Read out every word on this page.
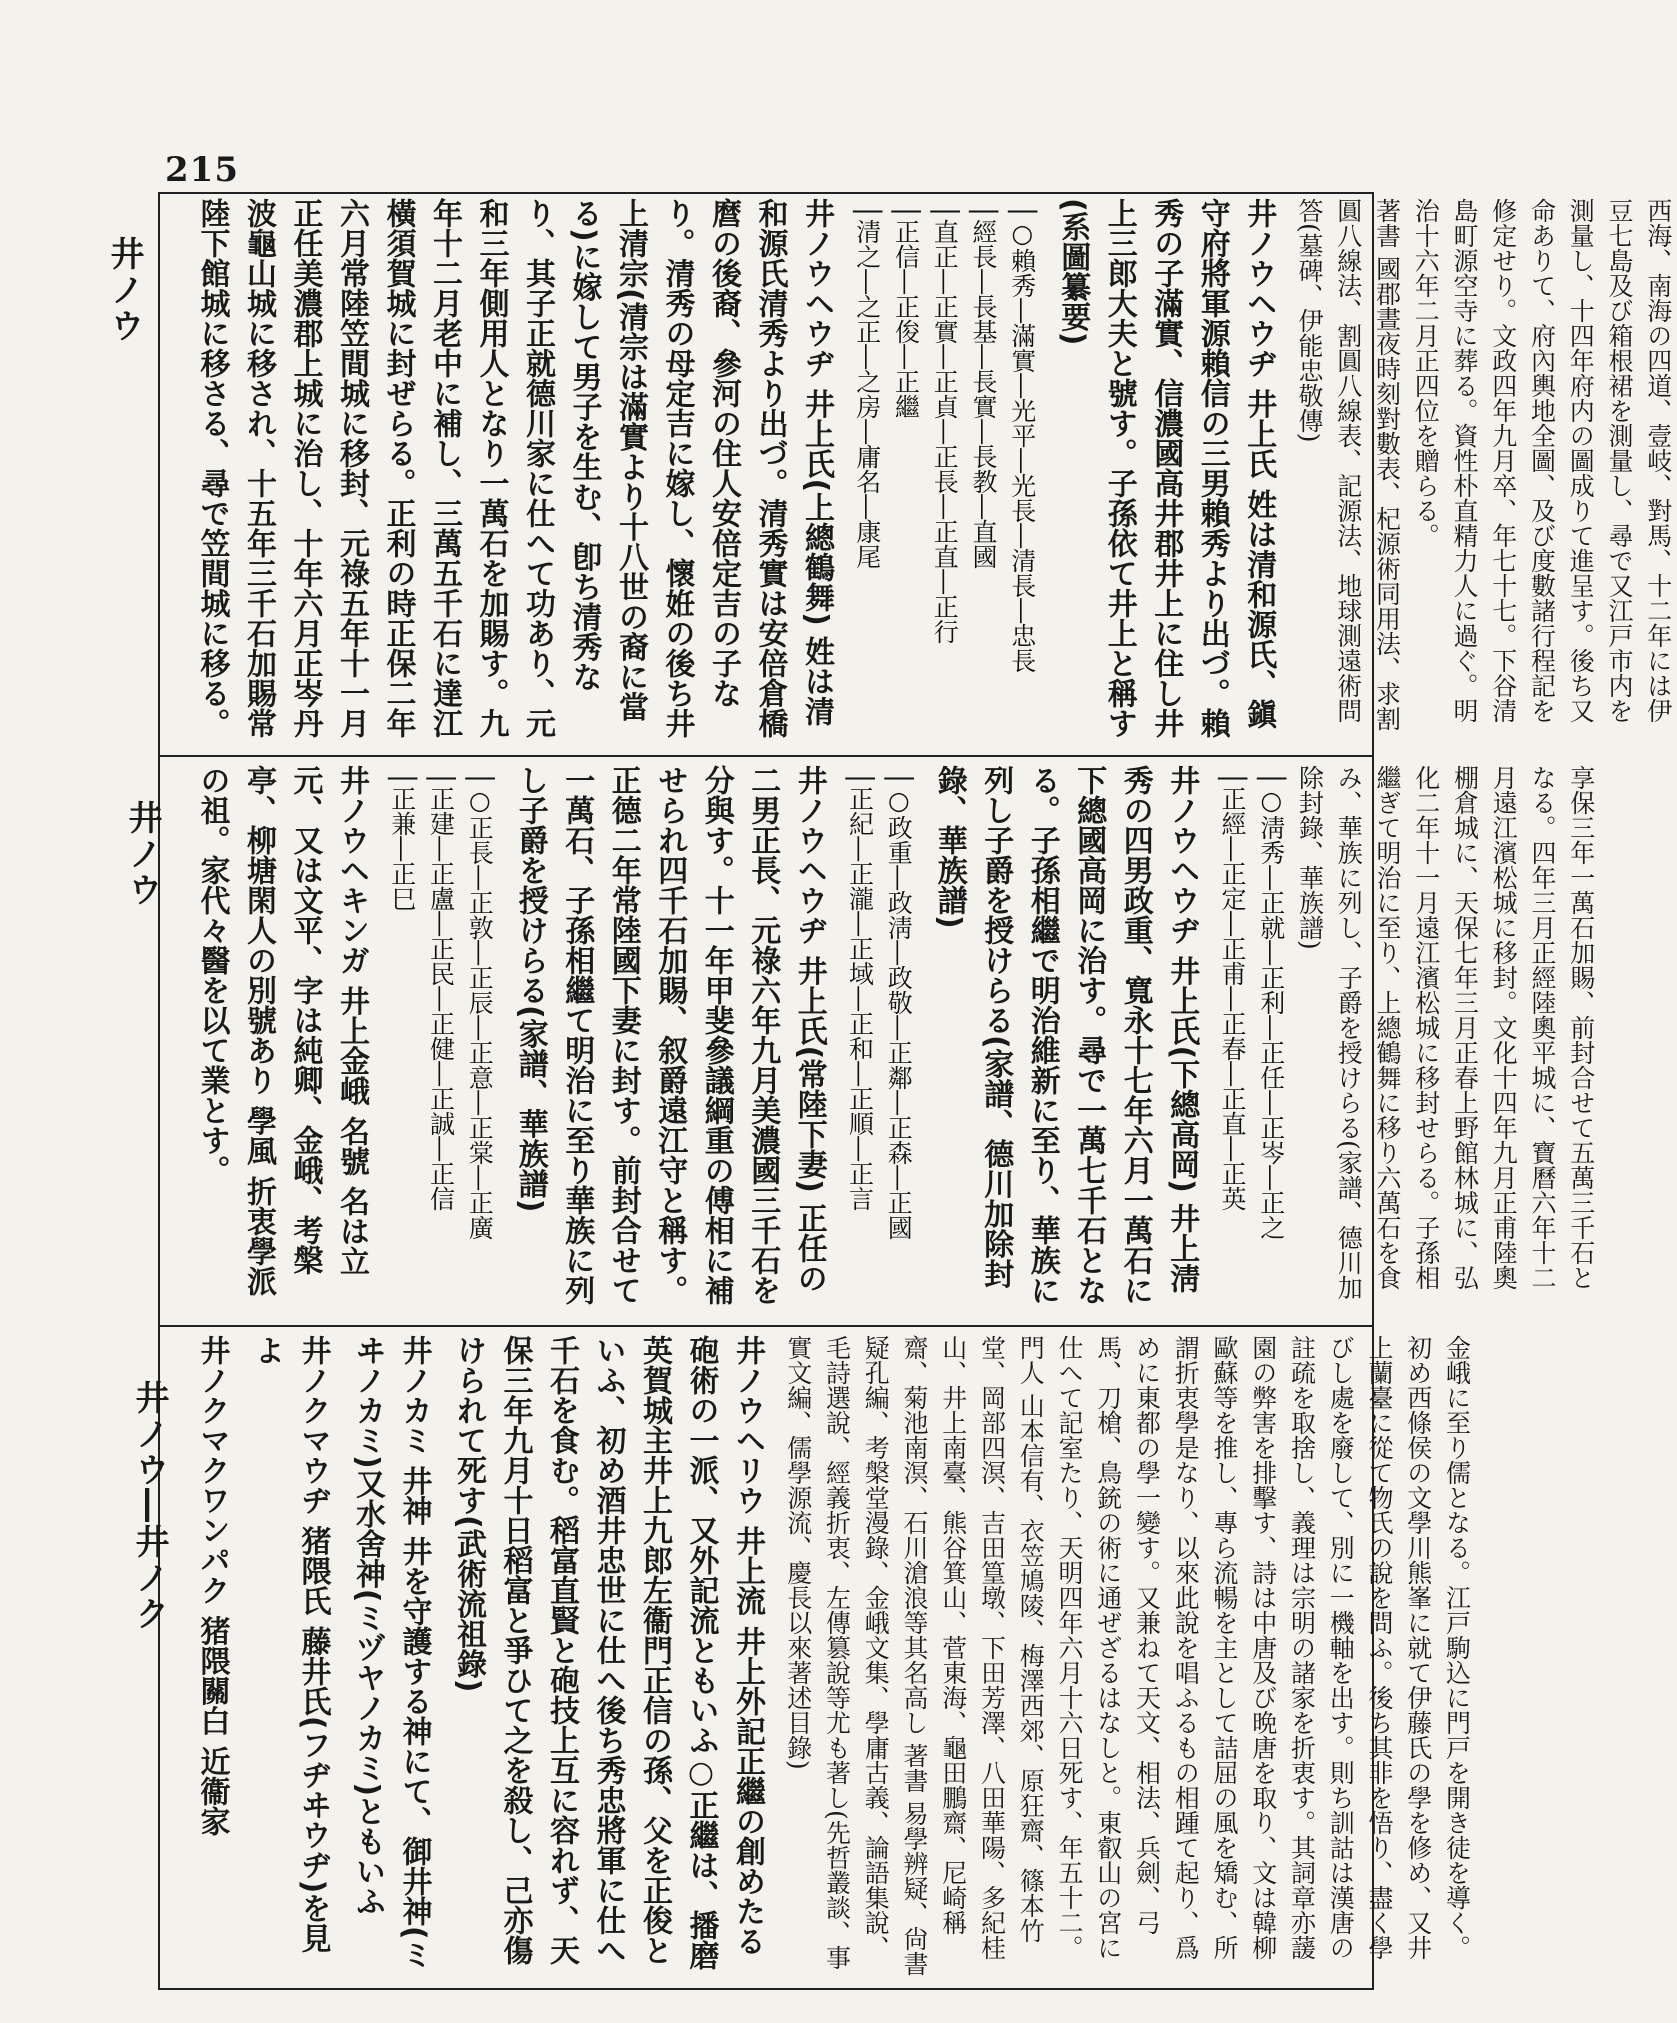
215
井ノウ
井ノウ
井ノウ―井ノク
西海、南海の四道、壹岐、對馬、十二年には伊豆七島及び箱根裙を測量し、尋で又江戸市内を測量し、十四年府内の圖成りて進呈す。後ち又命ありて、府內輿地全圖、及び度數諸行程記を修定せり。文政四年九月卒、年七十七。下谷清島町源空寺に葬る。資性朴直精力人に過ぐ。明治十六年二月正四位を贈らる。
著書 國郡晝夜時刻對數表、杞源術同用法、求割圓八線法、割圓八線表、記源法、地球測遠術問答(墓碑、伊能忠敬傳)
井ノウヘウヂ 井上氏 姓は清和源氏、鎭守府將軍源賴信の三男賴秀より出づ。賴秀の子滿實、信濃國高井郡井上に住し井上三郎大夫と號す。子孫依て井上と稱す(系圖纂要)
│ ○賴秀―滿實―光平―光長―清長―忠長
│ 經長―長基―長實―長教―直國
│ 直正―正實―正貞―正長―正直―正行
│ 正信―正俊―正繼
│ 清之―之正―之房―庸名―康尾
井ノウヘウヂ 井上氏(上總鶴舞) 姓は清和源氏清秀より出づ。清秀實は安倍倉橋麿の後裔、參河の住人安倍定吉の子なり。清秀の母定吉に嫁し、懷姙の後ち井上清宗(清宗は滿實より十八世の裔に當る)に嫁して男子を生む、卽ち清秀なり、其子正就德川家に仕へて功あり、元和三年側用人となり一萬石を加賜す。九年十二月老中に補し、三萬五千石に達江橫須賀城に封ぜらる。正利の時正保二年六月常陸笠間城に移封、元祿五年十一月正任美濃郡上城に治し、十年六月正岑丹波龜山城に移され、十五年三千石加賜常陸下館城に移さる、尋で笠間城に移る。
享保三年一萬石加賜、前封合せて五萬三千石となる。四年三月正經陸奧平城に、寶曆六年十二月遠江濱松城に移封。文化十四年九月正甫陸奧棚倉城に、天保七年三月正春上野館林城に、弘化二年十一月遠江濱松城に移封せらる。子孫相繼ぎて明治に至り、上總鶴舞に移り六萬石を食み、華族に列し、子爵を授けらる(家譜、德川加除封錄、華族譜)
│ ○淸秀―正就―正利―正任―正岑―正之
│ 正經―正定―正甫―正春―正直―正英
井ノウヘウヂ 井上氏(下總高岡) 井上淸秀の四男政重、寬永十七年六月一萬石に下總國高岡に治す。尋で一萬七千石となる。子孫相繼で明治維新に至り、華族に列し子爵を授けらる(家譜、德川加除封錄、華族譜)
│ ○政重―政淸―政敬―正鄰―正森―正國
│ 正紀―正瀧―正域―正和―正順―正言
井ノウヘウヂ 井上氏(常陸下妻) 正任の二男正長、元祿六年九月美濃國三千石を分與す。十一年甲斐參議綱重の傅相に補せられ四千石加賜、叙爵遠江守と稱す。正德二年常陸國下妻に封す。前封合せて一萬石、子孫相繼て明治に至り華族に列し子爵を授けらる(家譜、華族譜)
│ ○正長―正敦―正辰―正意―正棠―正廣
│ 正建―正盧―正民―正健―正誠―正信
│ 正兼―正巳
井ノウヘキンガ 井上金峨 名號 名は立元、又は文平、字は純卿、金峨、考槃亭、柳塘閑人の別號あり 學風 折衷學派の祖。家代々醫を以て業とす。
金峨に至り儒となる。江戸駒込に門戸を開き徒を導く。初め西條侯の文學川熊峯に就て伊藤氏の學を修め、又井上蘭臺に從て物氏の說を問ふ。後ち其非を悟り、盡く學びし處を廢して、別に一機軸を出す。則ち訓詁は漢唐の註疏を取捨し、義理は宗明の諸家を折衷す。其詞章亦蘐園の弊害を排擊す、詩は中唐及び晩唐を取り、文は韓柳歐蘇等を推し、專ら流暢を主として詰屈の風を矯む、所謂折衷學是なり、以來此說を唱ふるもの相踵て起り、爲めに東都の學一變す。又兼ねて天文、相法、兵劍、弓馬、刀槍、鳥銃の術に通ぜざるはなしと。東叡山の宮に仕へて記室たり、天明四年六月十六日死す、年五十二。門人 山本信有、衣笠鳩陵、梅澤西郊、原狂齋、篠本竹堂、岡部四溟、吉田篁墩、下田芳澤、八田華陽、多紀桂山、井上南臺、熊谷箕山、菅東海、龜田鵬齋、尼崎稱齋、菊池南溟、石川滄浪等其名高し 著書 易學辨疑、尙書疑孔編、考槃堂漫錄、金峨文集、學庸古義、論語集說、毛詩選說、經義折衷、左傳篡說等尤も著し(先哲叢談、事實文編、儒學源流、慶長以來著述目錄)
井ノウヘリウ 井上流 井上外記正繼の創めたる砲術の一派、又外記流ともいふ○正繼は、播磨英賀城主井上九郎左衞門正信の孫、父を正俊といふ、初め酒井忠世に仕へ後ち秀忠將軍に仕へ千石を食む。稻富直賢と砲技上互に容れず、天保三年九月十日稻富と爭ひて之を殺し、己亦傷けられて死す(武術流祖錄)
井ノカミ 井神 井を守護する神にて、御井神(ミヰノカミ)又水舍神(ミヅヤノカミ)ともいふ
井ノクマウヂ 猪隈氏 藤井氏(フヂヰウヂ)を見よ
井ノクマクワンパク 猪隈關白 近衞家
